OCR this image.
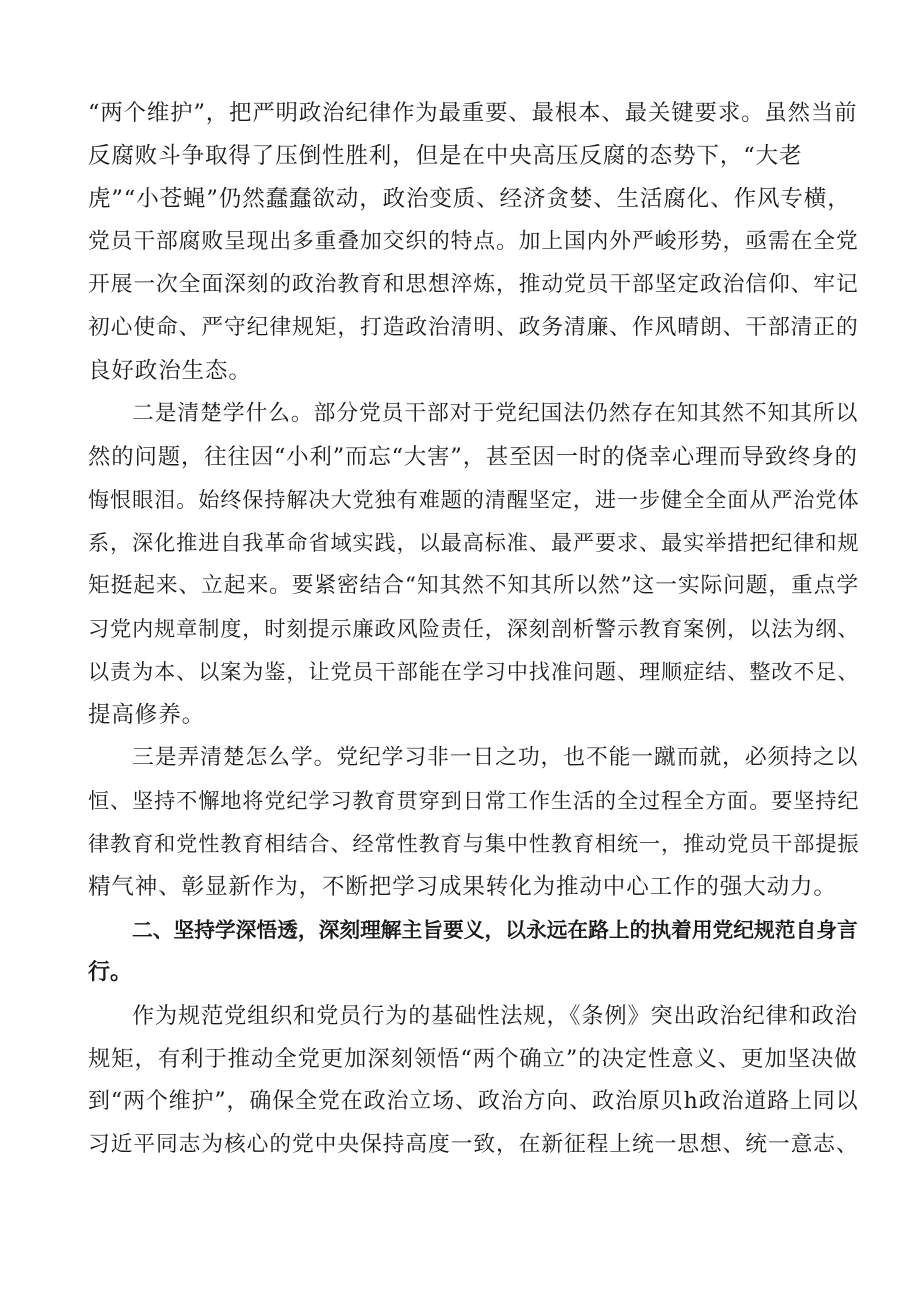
“两个维护”，把严明政治纪律作为最重要、最根本、最关键要求。虽然当前
反腐败斗争取得了压倒性胜利，但是在中央高压反腐的态势下，“大老
虎”“小苍蝇”仍然蠢蠢欲动，政治变质、经济贪婪、生活腐化、作风专横，
党员干部腐败呈现出多重叠加交织的特点。加上国内外严峻形势，亟需在全党
开展一次全面深刻的政治教育和思想淬炼，推动党员干部坚定政治信仰、牢记
初心使命、严守纪律规矩，打造政治清明、政务清廉、作风晴朗、干部清正的
良好政治生态。
二是清楚学什么。部分党员干部对于党纪国法仍然存在知其然不知其所以
然的问题，往往因“小利”而忘“大害”，甚至因一时的侥幸心理而导致终身的
悔恨眼泪。始终保持解决大党独有难题的清醒坚定，进一步健全全面从严治党体
系，深化推进自我革命省域实践，以最高标准、最严要求、最实举措把纪律和规
矩挺起来、立起来。要紧密结合“知其然不知其所以然”这一实际问题，重点学
习党内规章制度，时刻提示廉政风险责任，深刻剖析警示教育案例，以法为纲、
以责为本、以案为鉴，让党员干部能在学习中找准问题、理顺症结、整改不足、
提高修养。
三是弄清楚怎么学。党纪学习非一日之功，也不能一蹴而就，必须持之以
恒、坚持不懈地将党纪学习教育贯穿到日常工作生活的全过程全方面。要坚持纪
律教育和党性教育相结合、经常性教育与集中性教育相统一，推动党员干部提振
精气神、彰显新作为，不断把学习成果转化为推动中心工作的强大动力。
二、坚持学深悟透，深刻理解主旨要义，以永远在路上的执着用党纪规范自身言
行。
作为规范党组织和党员行为的基础性法规，《条例》突出政治纪律和政治
规矩，有利于推动全党更加深刻领悟“两个确立”的决定性意义、更加坚决做
到“两个维护”，确保全党在政治立场、政治方向、政治原贝h政治道路上同以
习近平同志为核心的党中央保持高度一致，在新征程上统一思想、统一意志、
